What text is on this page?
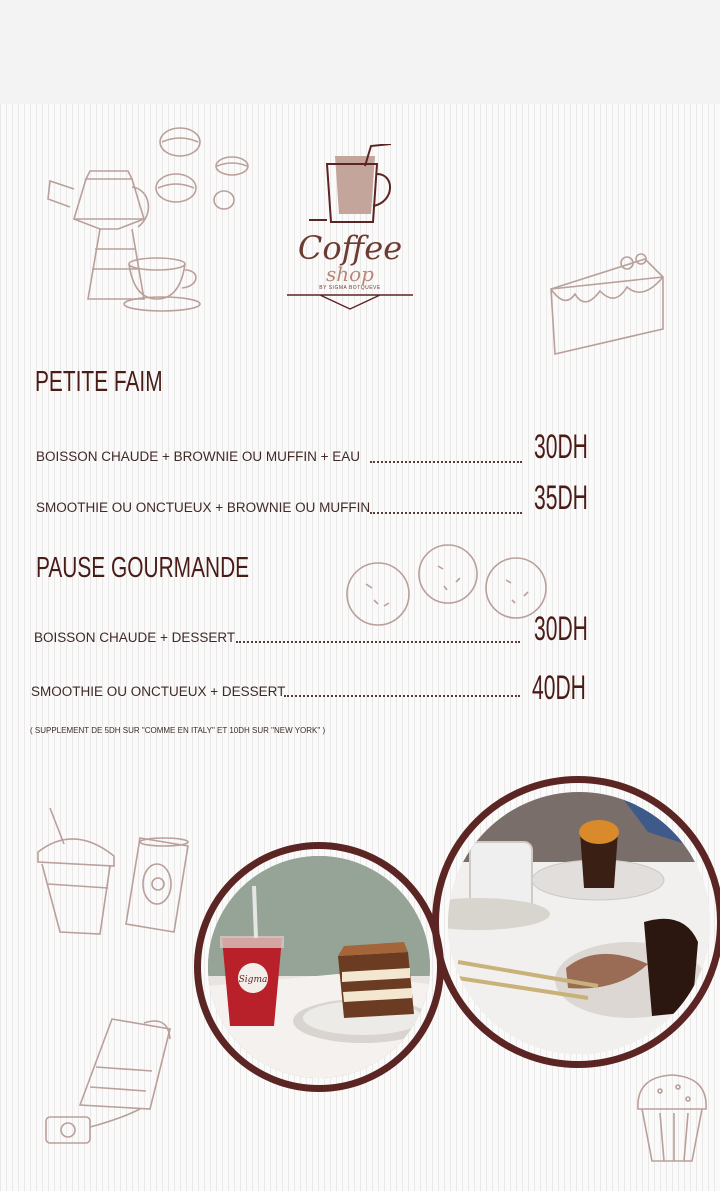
Coffee
shop
BY SIGMA BOTQUEVE
PETITE FAIM
BOISSON CHAUDE + BROWNIE OU MUFFIN + EAU	30DH
SMOOTHIE OU ONCTUEUX + BROWNIE OU MUFFIN	35DH
PAUSE GOURMANDE
BOISSON CHAUDE + DESSERT	30DH
SMOOTHIE OU ONCTUEUX + DESSERT	40DH
( SUPPLEMENT DE 5DH SUR "COMME EN ITALY" ET 10DH SUR "NEW YORK" )
Sigma
